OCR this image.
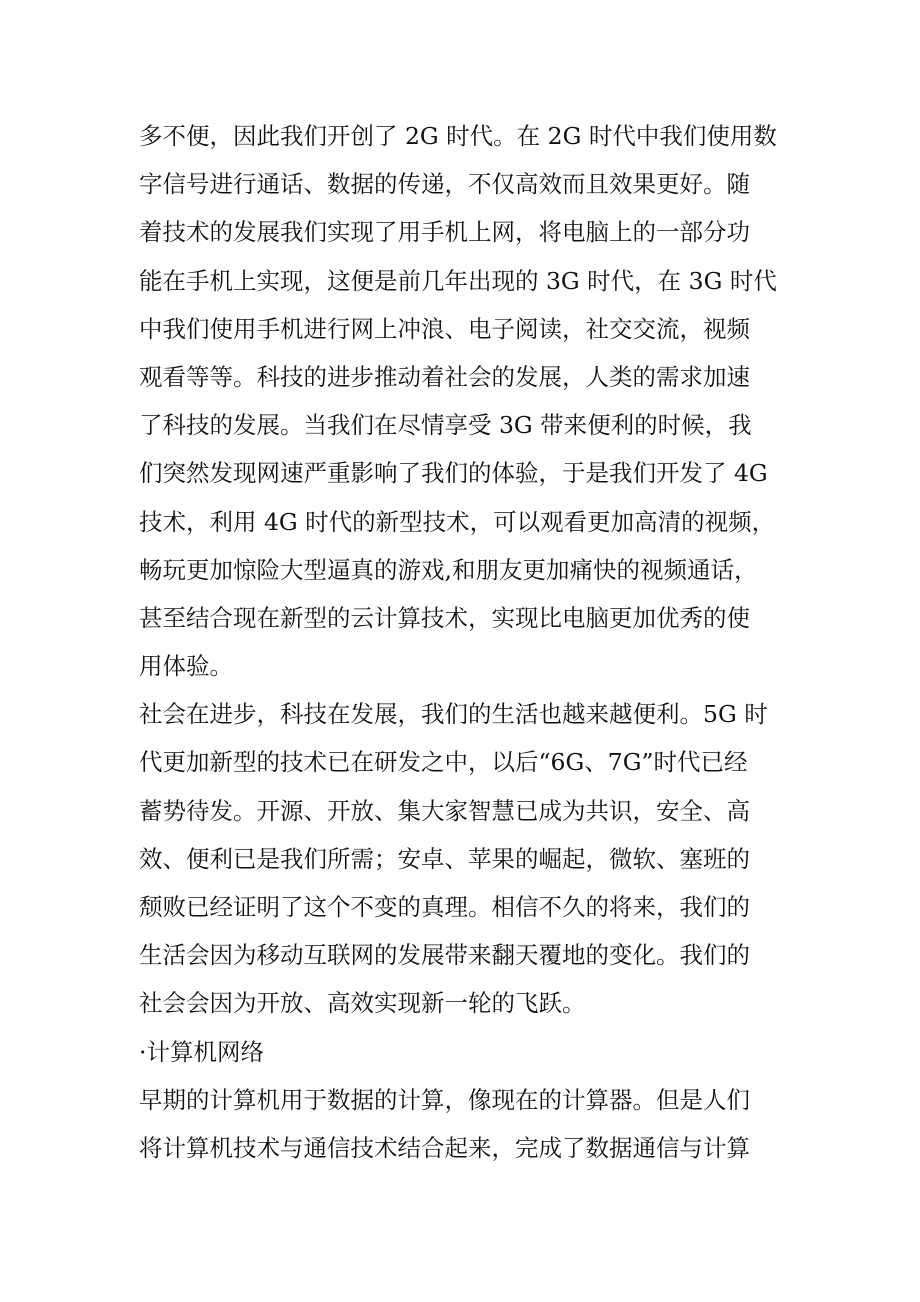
多不便，因此我们开创了 2G 时代。在 2G 时代中我们使用数
字信号进行通话、数据的传递，不仅高效而且效果更好。随
着技术的发展我们实现了用手机上网，将电脑上的一部分功
能在手机上实现，这便是前几年出现的 3G 时代，在 3G 时代
中我们使用手机进行网上冲浪、电子阅读，社交交流，视频
观看等等。科技的进步推动着社会的发展，人类的需求加速
了科技的发展。当我们在尽情享受 3G 带来便利的时候，我
们突然发现网速严重影响了我们的体验，于是我们开发了 4G
技术，利用 4G 时代的新型技术，可以观看更加高清的视频，
畅玩更加惊险大型逼真的游戏,和朋友更加痛快的视频通话，
甚至结合现在新型的云计算技术，实现比电脑更加优秀的使
用体验。
社会在进步，科技在发展，我们的生活也越来越便利。5G 时
代更加新型的技术已在研发之中，以后“6G、7G”时代已经
蓄势待发。开源、开放、集大家智慧已成为共识，安全、高
效、便利已是我们所需；安卓、苹果的崛起，微软、塞班的
颓败已经证明了这个不变的真理。相信不久的将来，我们的
生活会因为移动互联网的发展带来翻天覆地的变化。我们的
社会会因为开放、高效实现新一轮的飞跃。
·计算机网络
早期的计算机用于数据的计算，像现在的计算器。但是人们
将计算机技术与通信技术结合起来，完成了数据通信与计算
